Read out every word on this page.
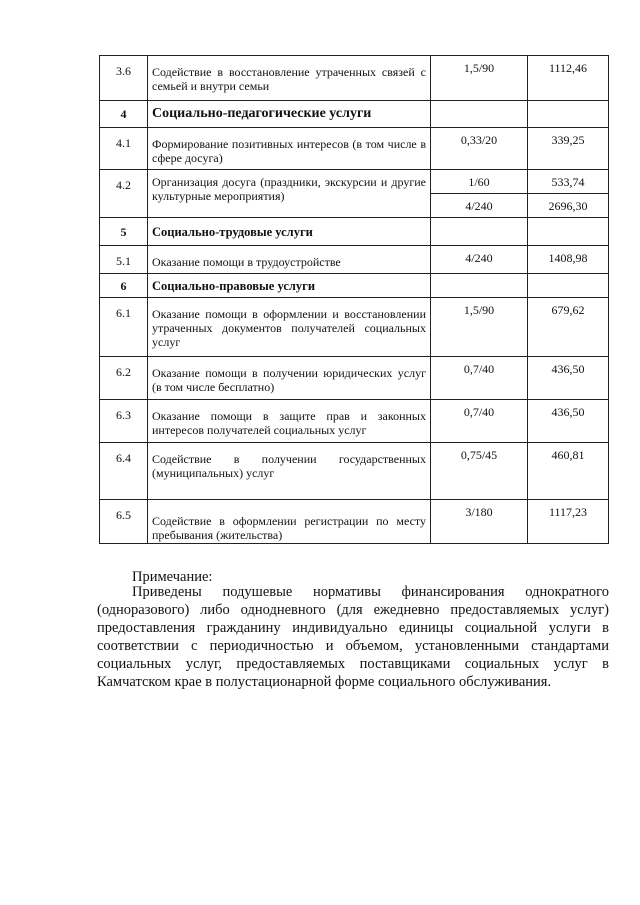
3.6	Содействие в восстановление утраченных связей с семьей и внутри семьи	1,5/90	1112,46
4	Социально-педагогические услуги		
4.1	Формирование позитивных интересов (в том числе в сфере досуга)	0,33/20	339,25
4.2	Организация досуга (праздники, экскурсии и другие культурные мероприятия)	1/60	533,74
		4/240	2696,30
5	Социально-трудовые услуги		
5.1	Оказание помощи в трудоустройстве	4/240	1408,98
6	Социально-правовые услуги		
6.1	Оказание помощи в оформлении и восстановлении утраченных документов получателей социальных услуг	1,5/90	679,62
6.2	Оказание помощи в получении юридических услуг (в том числе бесплатно)	0,7/40	436,50
6.3	Оказание помощи в защите прав и законных интересов получателей социальных услуг	0,7/40	436,50
6.4	Содействие в получении государственных (муниципальных) услуг	0,75/45	460,81
6.5	Содействие в оформлении регистрации по месту пребывания (жительства)	3/180	1117,23
Примечание:
Приведены подушевые нормативы финансирования однократного (одноразового) либо однодневного (для ежедневно предоставляемых услуг) предоставления гражданину индивидуально единицы социальной услуги в соответствии с периодичностью и объемом, установленными стандартами социальных услуг, предоставляемых поставщиками социальных услуг в Камчатском крае в полустационарной форме социального обслуживания.
